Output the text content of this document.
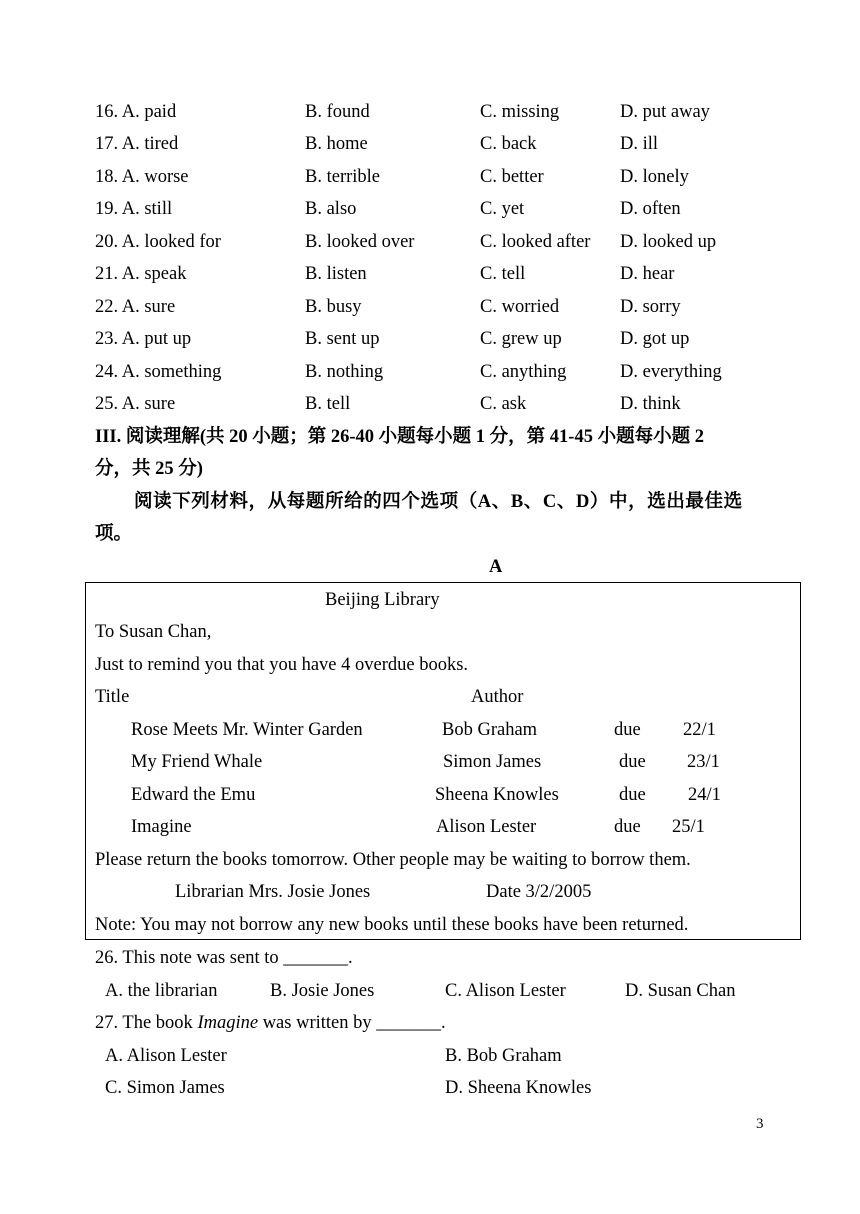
16. A. paid	B. found	C. missing	D. put away
17. A. tired	B. home	C. back	D. ill
18. A. worse	B. terrible	C. better	D. lonely
19. A. still	B. also	C. yet	D. often
20. A. looked for	B. looked over	C. looked after D. looked up
21. A. speak	B. listen	C. tell	D. hear
22. A. sure	B. busy	C. worried	D. sorry
23. A. put up	B. sent up	C. grew up	D. got up
24. A. something	B. nothing	C. anything	D. everything
25. A. sure	B. tell	C. ask	D. think
III. 阅读理解(共 20 小题；第 26-40 小题每小题 1 分，第 41-45 小题每小题 2
分，共 25 分)
阅读下列材料，从每题所给的四个选项（A、B、C、D）中，选出最佳选
项。
A
Beijing Library
To Susan Chan,
Just to remind you that you have 4 overdue books.
Title	Author
Rose Meets Mr. Winter Garden	Bob Graham	due 22/1
My Friend Whale	Simon James	due 23/1
Edward the Emu	Sheena Knowles	due 24/1
Imagine	Alison Lester	due 25/1
Please return the books tomorrow. Other people may be waiting to borrow them.
Librarian Mrs. Josie Jones	Date 3/2/2005
Note: You may not borrow any new books until these books have been returned.
26. This note was sent to _______.
A. the librarian	B. Josie Jones	C. Alison Lester	D. Susan Chan
27. The book Imagine was written by _______.
A. Alison Lester	B. Bob Graham
C. Simon James	D. Sheena Knowles
3
